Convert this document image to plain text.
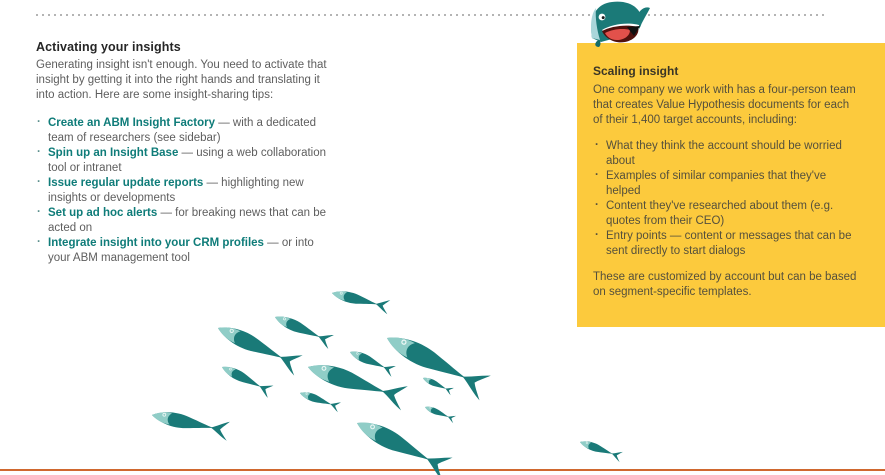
Activating your insights

Generating insight isn't enough. You need to activate that insight by getting it into the right hands and translating it into action. Here are some insight-sharing tips:

· Create an ABM Insight Factory — with a dedicated team of researchers (see sidebar)
· Spin up an Insight Base — using a web collaboration tool or intranet
· Issue regular update reports — highlighting new insights or developments
· Set up ad hoc alerts — for breaking news that can be acted on
· Integrate insight into your CRM profiles — or into your ABM management tool
Scaling insight

One company we work with has a four-person team that creates Value Hypothesis documents for each of their 1,400 target accounts, including:

· What they think the account should be worried about
· Examples of similar companies that they've helped
· Content they've researched about them (e.g. quotes from their CEO)
· Entry points — content or messages that can be sent directly to start dialogs

These are customized by account but can be based on segment-specific templates.
